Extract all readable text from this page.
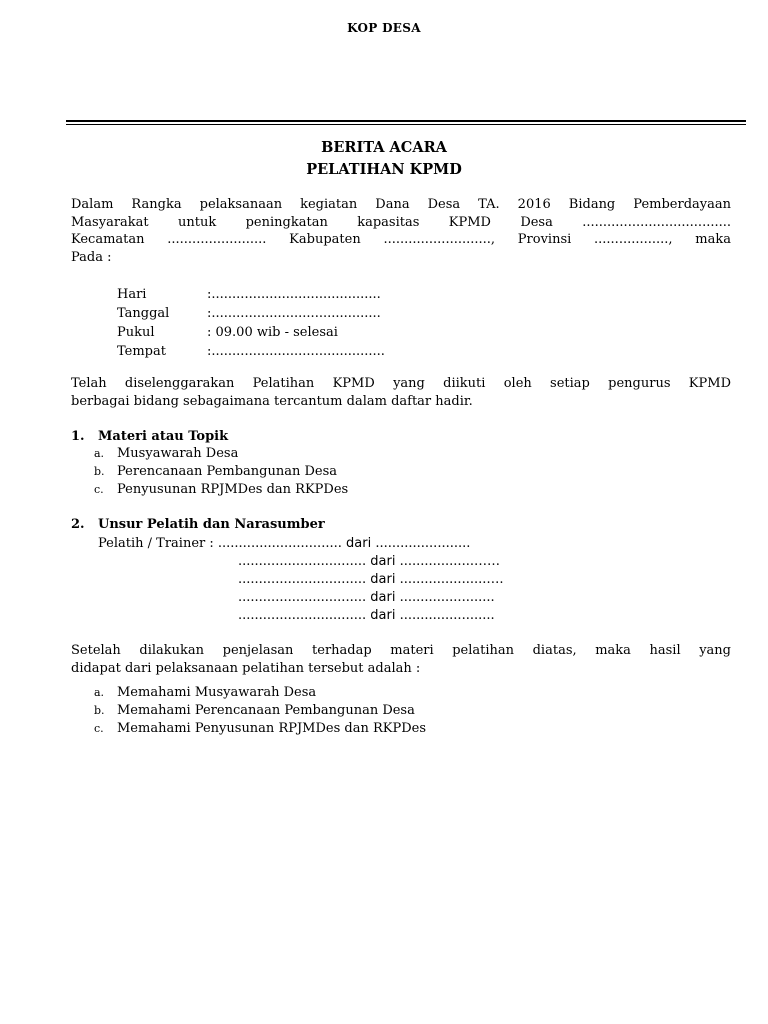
KOP DESA
BERITA ACARA
PELATIHAN KPMD
Dalam Rangka pelaksanaan kegiatan Dana Desa TA. 2016 Bidang Pemberdayaan
Masyarakat untuk peningkatan kapasitas KPMD Desa ....................................
Kecamatan ........................ Kabupaten .........................., Provinsi .................., maka
Pada :
Hari	:.........................................
Tanggal	:.........................................
Pukul	: 09.00 wib - selesai
Tempat	:..........................................
Telah diselenggarakan Pelatihan KPMD yang diikuti oleh setiap pengurus KPMD
berbagai bidang sebagaimana tercantum dalam daftar hadir.
1. Materi atau Topik
a. Musyawarah Desa
b. Perencanaan Pembangunan Desa
c.	Penyusunan RPJMDes dan RKPDes
2. Unsur Pelatih dan Narasumber
Pelatih / Trainer : .............................. dari .......................
............................... dari ..................……
............................... dari .....................….
............................... dari .......................
............................... dari .......................
Setelah dilakukan penjelasan terhadap materi pelatihan diatas, maka hasil yang
didapat dari pelaksanaan pelatihan tersebut adalah :
a. Memahami Musyawarah Desa
b. Memahami Perencanaan Pembangunan Desa
c.	Memahami Penyusunan RPJMDes dan RKPDes
